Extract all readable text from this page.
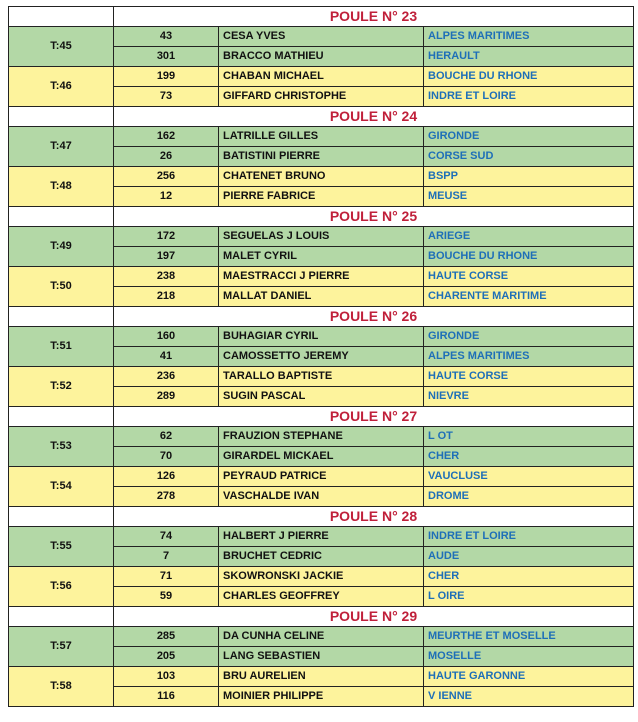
	POULE N° 23		
T:45	43	CESA YVES	ALPES MARITIMES
	301	BRACCO MATHIEU	HERAULT
T:46	199	CHABAN MICHAEL	BOUCHE DU RHONE
	73	GIFFARD CHRISTOPHE	INDRE ET LOIRE
	POULE N° 24		
T:47	162	LATRILLE GILLES	GIRONDE
	26	BATISTINI PIERRE	CORSE SUD
T:48	256	CHATENET BRUNO	BSPP
	12	PIERRE FABRICE	MEUSE
	POULE N° 25		
T:49	172	SEGUELAS J LOUIS	ARIEGE
	197	MALET CYRIL	BOUCHE DU RHONE
T:50	238	MAESTRACCI J PIERRE	HAUTE CORSE
	218	MALLAT DANIEL	CHARENTE MARITIME
	POULE N° 26		
T:51	160	BUHAGIAR CYRIL	GIRONDE
	41	CAMOSSETTO JEREMY	ALPES MARITIMES
T:52	236	TARALLO BAPTISTE	HAUTE CORSE
	289	SUGIN PASCAL	NIEVRE
	POULE N° 27		
T:53	62	FRAUZION STEPHANE	L OT
	70	GIRARDEL MICKAEL	CHER
T:54	126	PEYRAUD PATRICE	VAUCLUSE
	278	VASCHALDE IVAN	DROME
	POULE N° 28		
T:55	74	HALBERT J PIERRE	INDRE ET LOIRE
	7	BRUCHET CEDRIC	AUDE
T:56	71	SKOWRONSKI JACKIE	CHER
	59	CHARLES GEOFFREY	L OIRE
	POULE N° 29		
T:57	285	DA CUNHA CELINE	MEURTHE ET MOSELLE
	205	LANG SEBASTIEN	MOSELLE
T:58	103	BRU AURELIEN	HAUTE GARONNE
	116	MOINIER PHILIPPE	V IENNE
